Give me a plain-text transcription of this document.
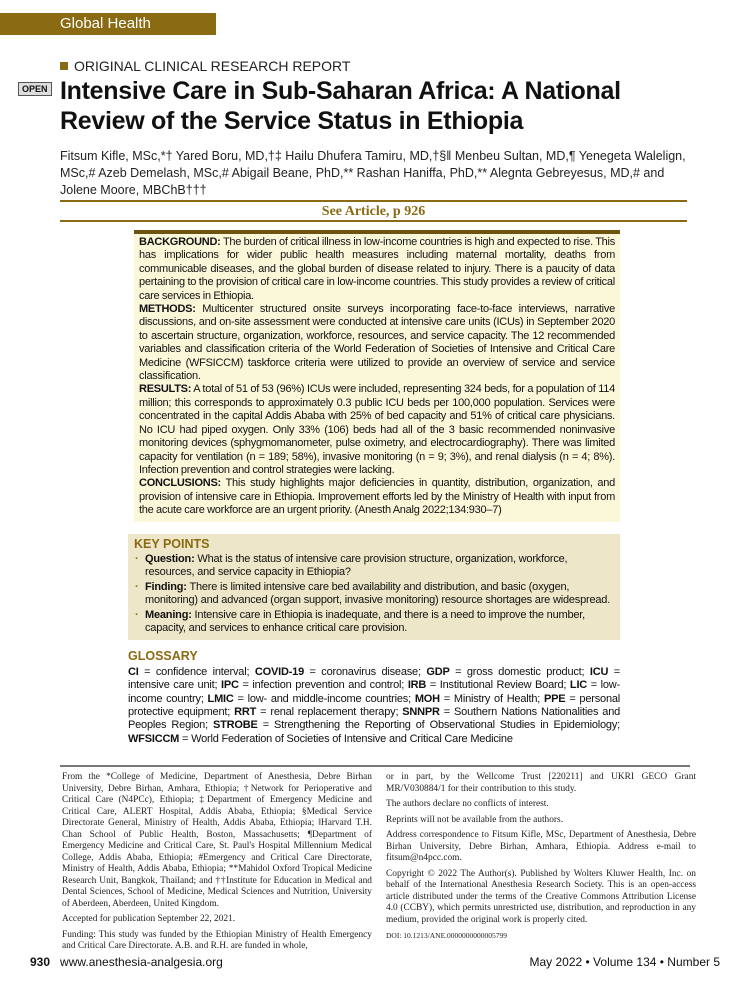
Global Health
ORIGINAL CLINICAL RESEARCH REPORT
OPEN Intensive Care in Sub-Saharan Africa: A National Review of the Service Status in Ethiopia
Fitsum Kifle, MSc,*† Yared Boru, MD,†‡ Hailu Dhufera Tamiru, MD,†§‖ Menbeu Sultan, MD,¶ Yenegeta Walelign, MSc,# Azeb Demelash, MSc,# Abigail Beane, PhD,** Rashan Haniffa, PhD,** Alegnta Gebreyesus, MD,# and Jolene Moore, MBChB†††
See Article, p 926

BACKGROUND: The burden of critical illness in low-income countries is high and expected to rise. This has implications for wider public health measures including maternal mortality, deaths from communicable diseases, and the global burden of disease related to injury. There is a paucity of data pertaining to the provision of critical care in low-income countries. This study provides a review of critical care services in Ethiopia.

METHODS: Multicenter structured onsite surveys incorporating face-to-face interviews, narrative discussions, and on-site assessment were conducted at intensive care units (ICUs) in September 2020 to ascertain structure, organization, workforce, resources, and service capacity. The 12 recommended variables and classification criteria of the World Federation of Societies of Intensive and Critical Care Medicine (WFSICCM) taskforce criteria were utilized to provide an overview of service and service classification.

RESULTS: A total of 51 of 53 (96%) ICUs were included, representing 324 beds, for a population of 114 million; this corresponds to approximately 0.3 public ICU beds per 100,000 population. Services were concentrated in the capital Addis Ababa with 25% of bed capacity and 51% of critical care physicians. No ICU had piped oxygen. Only 33% (106) beds had all of the 3 basic recommended noninvasive monitoring devices (sphygmomanometer, pulse oximetry, and electrocardiography). There was limited capacity for ventilation (n = 189; 58%), invasive monitoring (n = 9; 3%), and renal dialysis (n = 4; 8%). Infection prevention and control strategies were lacking.

CONCLUSIONS: This study highlights major deficiencies in quantity, distribution, organization, and provision of intensive care in Ethiopia. Improvement efforts led by the Ministry of Health with input from the acute care workforce are an urgent priority. (Anesth Analg 2022;134:930–7)

KEY POINTS
· Question: What is the status of intensive care provision structure, organization, workforce, resources, and service capacity in Ethiopia?
· Finding: There is limited intensive care bed availability and distribution, and basic (oxygen, monitoring) and advanced (organ support, invasive monitoring) resource shortages are widespread.
· Meaning: Intensive care in Ethiopia is inadequate, and there is a need to improve the number, capacity, and services to enhance critical care provision.
GLOSSARY
CI = confidence interval; COVID-19 = coronavirus disease; GDP = gross domestic product; ICU = intensive care unit; IPC = infection prevention and control; IRB = Institutional Review Board; LIC = low-income country; LMIC = low- and middle-income countries; MOH = Ministry of Health; PPE = personal protective equipment; RRT = renal replacement therapy; SNNPR = Southern Nations Nationalities and Peoples Region; STROBE = Strengthening the Reporting of Observational Studies in Epidemiology; WFSICCM = World Federation of Societies of Intensive and Critical Care Medicine

From the *College of Medicine, Department of Anesthesia, Debre Birhan University, Debre Birhan, Amhara, Ethiopia; †Network for Perioperative and Critical Care (N4PCc), Ethiopia; ‡Department of Emergency Medicine and Critical Care, ALERT Hospital, Addis Ababa, Ethiopia; §Medical Service Directorate General, Ministry of Health, Addis Ababa, Ethiopia; ‖Harvard T.H. Chan School of Public Health, Boston, Massachusetts; ¶Department of Emergency Medicine and Critical Care, St. Paul's Hospital Millennium Medical College, Addis Ababa, Ethiopia; #Emergency and Critical Care Directorate, Ministry of Health, Addis Ababa, Ethiopia; **Mahidol Oxford Tropical Medicine Research Unit, Bangkok, Thailand; and ††Institute for Education in Medical and Dental Sciences, School of Medicine, Medical Sciences and Nutrition, University of Aberdeen, Aberdeen, United Kingdom.

Accepted for publication September 22, 2021.

Funding: This study was funded by the Ethiopian Ministry of Health Emergency and Critical Care Directorate. A.B. and R.H. are funded in whole,

or in part, by the Wellcome Trust [220211] and UKRI GECO Grant MR/V030884/1 for their contribution to this study.

The authors declare no conflicts of interest.

Reprints will not be available from the authors.

Address correspondence to Fitsum Kifle, MSc, Department of Anesthesia, Debre Birhan University, Debre Birhan, Amhara, Ethiopia. Address e-mail to fitsum@n4pcc.com.

Copyright © 2022 The Author(s). Published by Wolters Kluwer Health, Inc. on behalf of the International Anesthesia Research Society. This is an open-access article distributed under the terms of the Creative Commons Attribution License 4.0 (CCBY), which permits unrestricted use, distribution, and reproduction in any medium, provided the original work is properly cited.

DOI: 10.1213/ANE.0000000000005799

930 www.anesthesia-analgesia.org	May 2022 • Volume 134 • Number 5
